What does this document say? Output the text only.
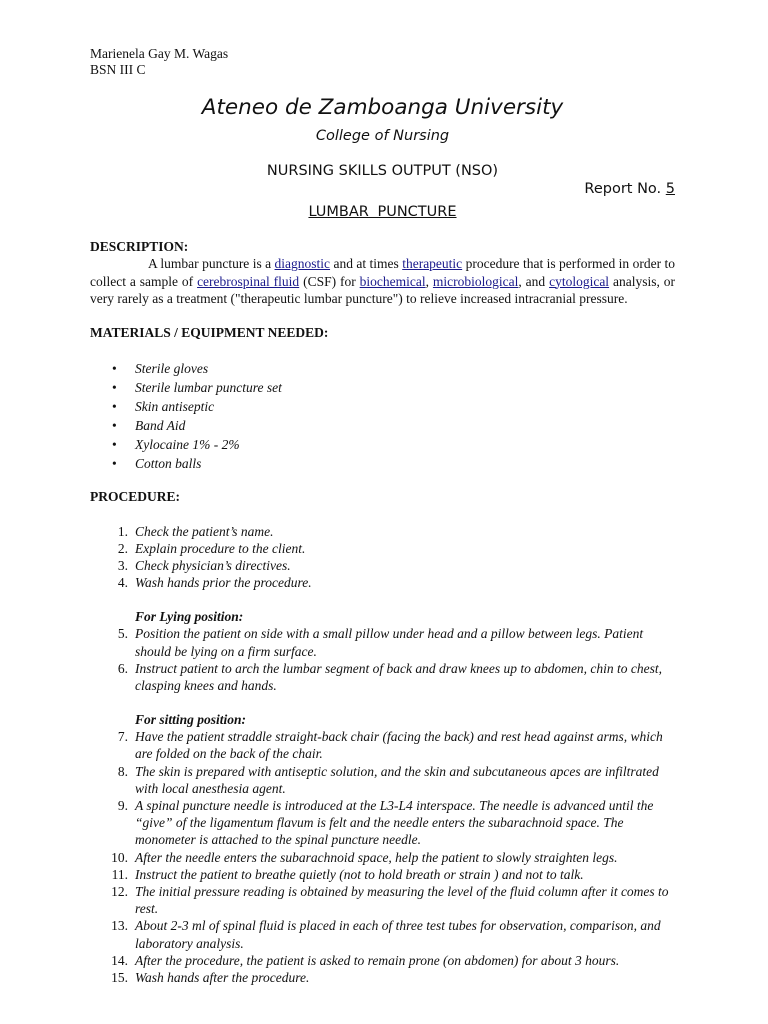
Marienela Gay M. Wagas
BSN III C
Ateneo de Zamboanga University
College of Nursing
NURSING SKILLS OUTPUT (NSO)
Report No. 5
LUMBAR PUNCTURE
DESCRIPTION:
A lumbar puncture is a diagnostic and at times therapeutic procedure that is performed in order to collect a sample of cerebrospinal fluid (CSF) for biochemical, microbiological, and cytological analysis, or very rarely as a treatment ("therapeutic lumbar puncture") to relieve increased intracranial pressure.
MATERIALS / EQUIPMENT NEEDED:
• Sterile gloves
• Sterile lumbar puncture set
• Skin antiseptic
• Band Aid
• Xylocaine 1% - 2%
• Cotton balls
PROCEDURE:
1. Check the patient’s name.
2. Explain procedure to the client.
3. Check physician’s directives.
4. Wash hands prior the procedure.
For Lying position:
5. Position the patient on side with a small pillow under head and a pillow between legs. Patient should be lying on a firm surface.
6. Instruct patient to arch the lumbar segment of back and draw knees up to abdomen, chin to chest, clasping knees and hands.
For sitting position:
7. Have the patient straddle straight-back chair (facing the back) and rest head against arms, which are folded on the back of the chair.
8. The skin is prepared with antiseptic solution, and the skin and subcutaneous apces are infiltrated with local anesthesia agent.
9. A spinal puncture needle is introduced at the L3-L4 interspace. The needle is advanced until the “give” of the ligamentum flavum is felt and the needle enters the subarachnoid space. The monometer is attached to the spinal puncture needle.
10. After the needle enters the subarachnoid space, help the patient to slowly straighten legs.
11. Instruct the patient to breathe quietly (not to hold breath or strain ) and not to talk.
12. The initial pressure reading is obtained by measuring the level of the fluid column after it comes to rest.
13. About 2-3 ml of spinal fluid is placed in each of three test tubes for observation, comparison, and laboratory analysis.
14. After the procedure, the patient is asked to remain prone (on abdomen) for about 3 hours.
15. Wash hands after the procedure.
